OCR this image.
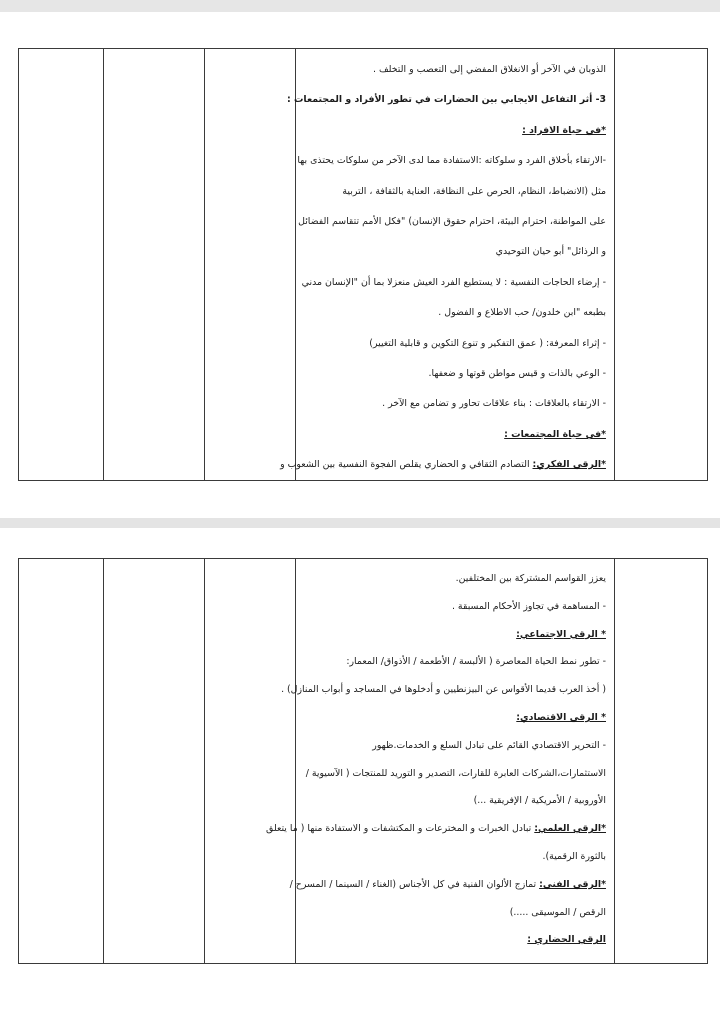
الذوبان في الآخر أو الانغلاق المفضي إلى التعصب و التخلف .
3- أثر التفاعل الايجابي بين الحضارات في تطور الأفراد و المجتمعات :
*في حياة الافراد :
-الارتقاء بأخلاق الفرد و سلوكاته :الاستفادة مما لدى الآخر من سلوكات يحتذى بها
مثل (الانضباط، النظام، الحرص على النظافة، العناية بالثقافة ، التربية
على المواطنة، احترام البيئة، احترام حقوق الإنسان) "فكل الأمم تتقاسم الفضائل
و الرذائل" أبو حيان التوحيدي
- إرضاء الحاجات النفسية : لا يستطيع الفرد العيش منعزلا بما أن "الإنسان مدني
بطبعه "ابن خلدون/ حب الاطلاع و الفضول .
- إثراء المعرفة: ( عمق التفكير و تنوع التكوين و قابلية التغيير)
- الوعي بالذات و قيس مواطن قوتها و ضعفها.
- الارتقاء بالعلاقات : بناء علاقات تحاور و تضامن مع الآخر .
*في حياة المجتمعات :
*الرقي الفكري: التصادم الثقافي و الحضاري يقلص الفجوة النفسية بين الشعوب و

يعزز القواسم المشتركة بين المختلفين.
- المساهمة في تجاوز الأحكام المسبقة .
* الرقي الاجتماعي:
- تطور نمط الحياة المعاصرة ( الألبسة / الأطعمة / الأذواق/ المعمار:
( أخذ العرب قديما الأقواس عن البيزنطيين و أدخلوها في المساجد و أبواب المنازل) .
* الرقي الاقتصادي:
- التحرير الاقتصادي القائم على تبادل السلع و الخدمات.ظهور
الاستثمارات،الشركات العابرة للقارات، التصدير و التوريد للمنتجات ( الآسيوية /
الأوروبية / الأمريكية / الإفريقية ...)
*الرقي العلمي: تبادل الخبرات و المخترعات و المكتشفات و الاستفادة منها ( ما يتعلق
بالثورة الرقمية).
*الرقي الفني: تمازج الألوان الفنية في كل الأجناس (الغناء / السينما / المسرح /
الرقص / الموسيقى .....)
الرقي الحضاري :
